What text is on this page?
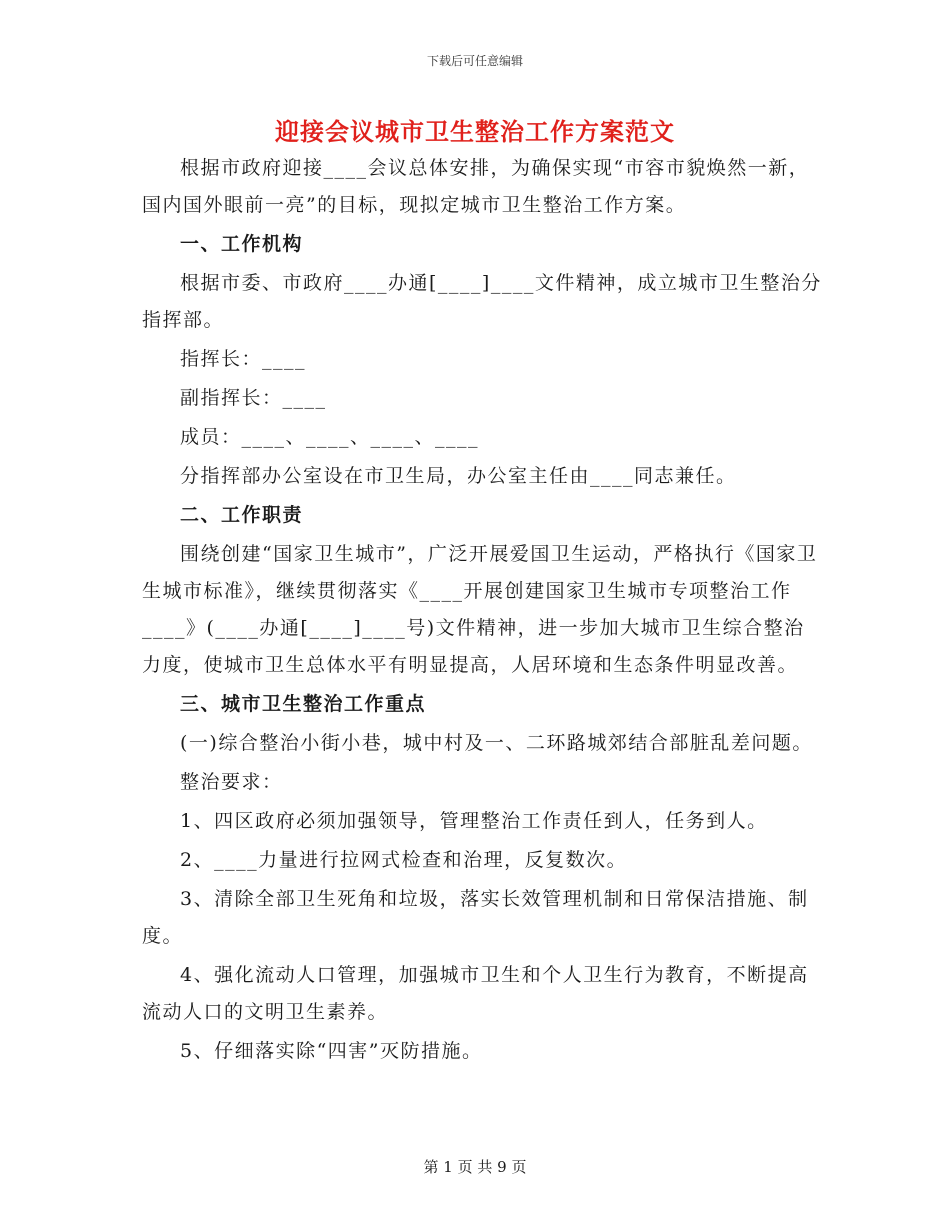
下载后可任意编辑
迎接会议城市卫生整治工作方案范文

根据市政府迎接____会议总体安排，为确保实现“市容市貌焕然一新，国内国外眼前一亮”的目标，现拟定城市卫生整治工作方案。

一、工作机构

根据市委、市政府____办通[____]____文件精神，成立城市卫生整治分指挥部。

指挥长：____

副指挥长：____

成员：____、____、____、____

分指挥部办公室设在市卫生局，办公室主任由____同志兼任。

二、工作职责

围绕创建“国家卫生城市”，广泛开展爱国卫生运动，严格执行《国家卫生城市标准》，继续贯彻落实《____开展创建国家卫生城市专项整治工作____》(____办通[____]____号)文件精神，进一步加大城市卫生综合整治力度，使城市卫生总体水平有明显提高，人居环境和生态条件明显改善。

三、城市卫生整治工作重点

(一)综合整治小街小巷，城中村及一、二环路城郊结合部脏乱差问题。

整治要求：

1、四区政府必须加强领导，管理整治工作责任到人，任务到人。

2、____力量进行拉网式检查和治理，反复数次。

3、清除全部卫生死角和垃圾，落实长效管理机制和日常保洁措施、制度。

4、强化流动人口管理，加强城市卫生和个人卫生行为教育，不断提高流动人口的文明卫生素养。

5、仔细落实除“四害”灭防措施。

第 1 页 共 9 页
